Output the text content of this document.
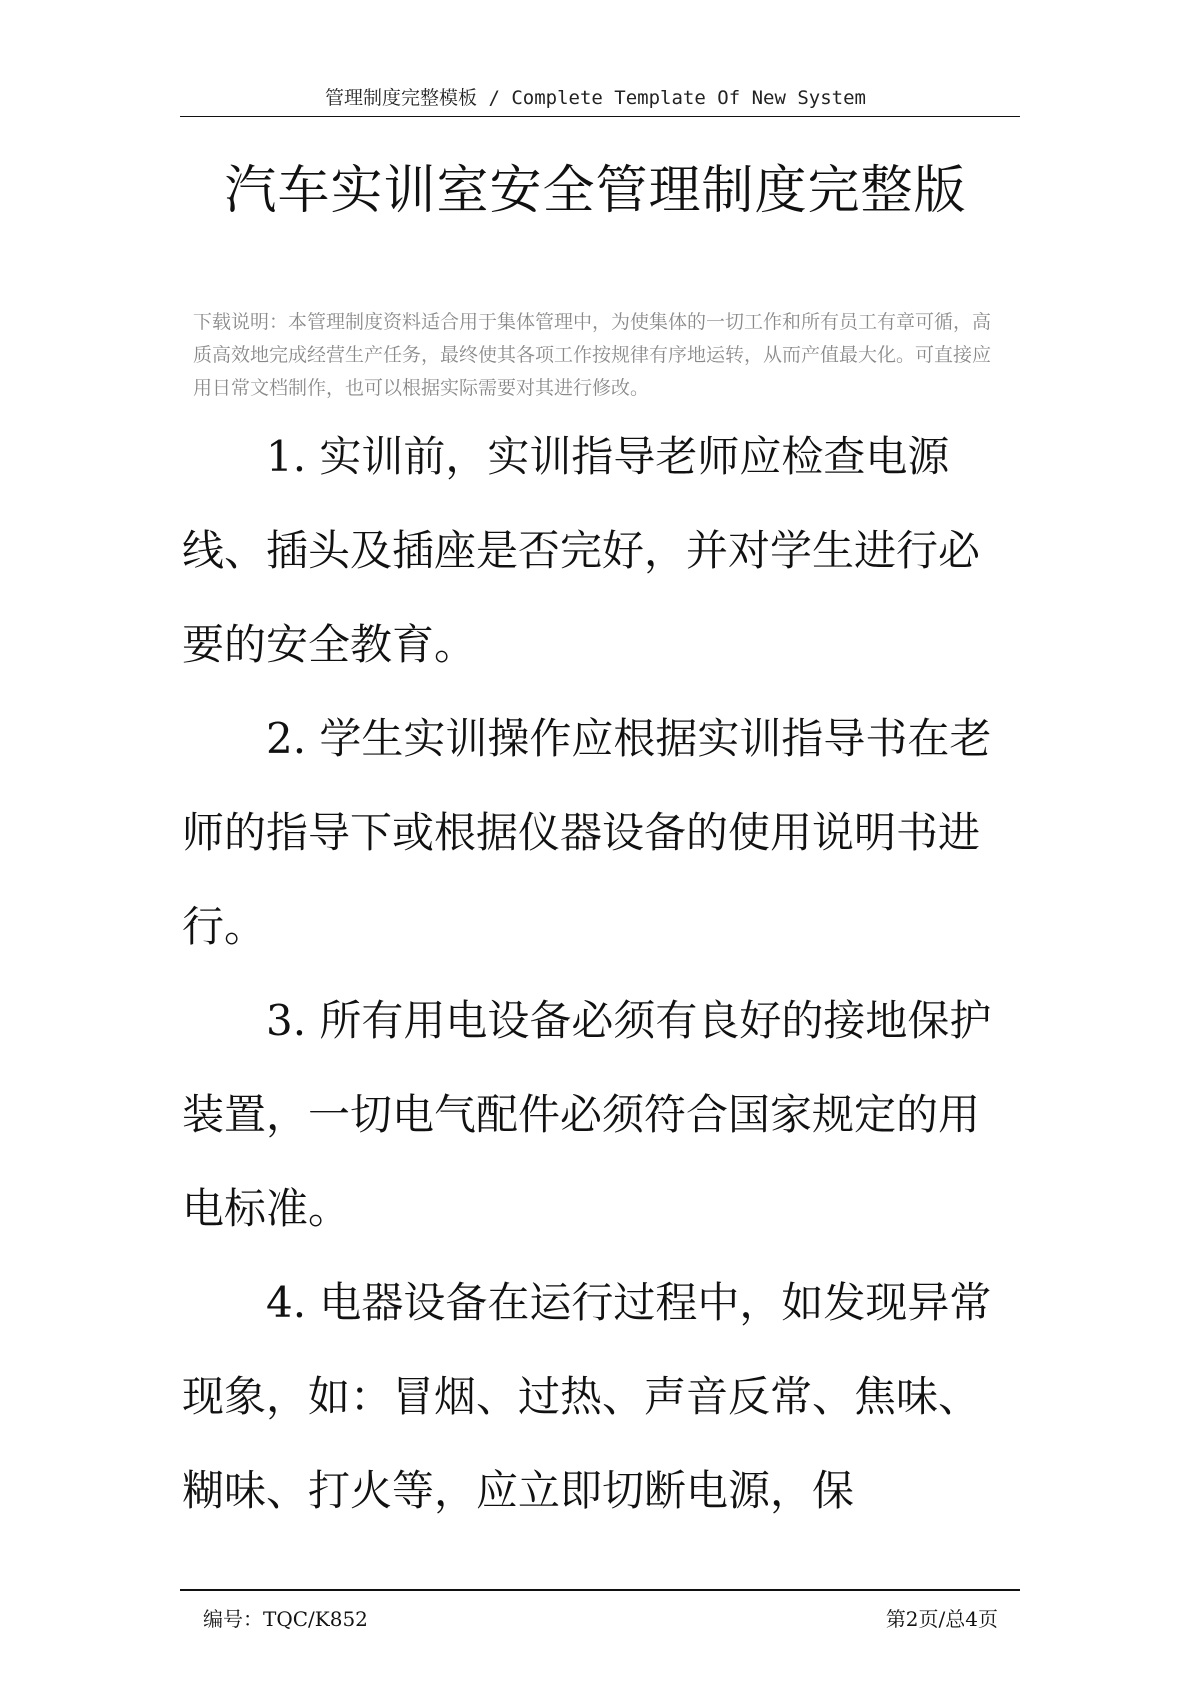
管理制度完整模板 / Complete Template Of New System
汽车实训室安全管理制度完整版
下载说明：本管理制度资料适合用于集体管理中，为使集体的一切工作和所有员工有章可循，高质高效地完成经营生产任务，最终使其各项工作按规律有序地运转，从而产值最大化。可直接应用日常文档制作，也可以根据实际需要对其进行修改。

1. 实训前，实训指导老师应检查电源线、插头及插座是否完好，并对学生进行必要的安全教育。

2. 学生实训操作应根据实训指导书在老师的指导下或根据仪器设备的使用说明书进行。

3. 所有用电设备必须有良好的接地保护装置，一切电气配件必须符合国家规定的用电标准。

4. 电器设备在运行过程中，如发现异常现象，如：冒烟、过热、声音反常、焦味、糊味、打火等，应立即切断电源，保

编号：TQC/K852	第2页/总4页
